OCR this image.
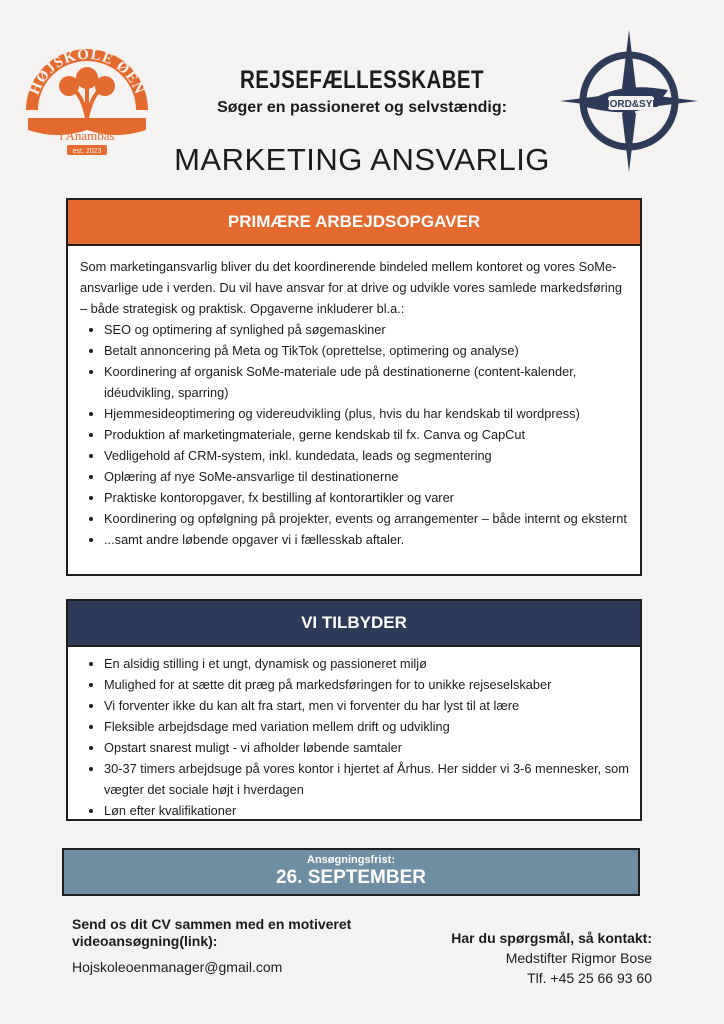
HØJSKOLE ØEN
i Anambas
est. 2023
NORD&SYD
REJSEFÆLLESSKABET
Søger en passioneret og selvstændig:
MARKETING ANSVARLIG
PRIMÆRE ARBEJDSOPGAVER
Som marketingansvarlig bliver du det koordinerende bindeled mellem kontoret og vores SoMe-ansvarlige ude i verden. Du vil have ansvar for at drive og udvikle vores samlede markedsføring – både strategisk og praktisk. Opgaverne inkluderer bl.a.:
• SEO og optimering af synlighed på søgemaskiner
• Betalt annoncering på Meta og TikTok (oprettelse, optimering og analyse)
• Koordinering af organisk SoMe-materiale ude på destinationerne (content-kalender, idéudvikling, sparring)
• Hjemmesideoptimering og videreudvikling (plus, hvis du har kendskab til wordpress)
• Produktion af marketingmateriale, gerne kendskab til fx. Canva og CapCut
• Vedligehold af CRM-system, inkl. kundedata, leads og segmentering
• Oplæring af nye SoMe-ansvarlige til destinationerne
• Praktiske kontoropgaver, fx bestilling af kontorartikler og varer
• Koordinering og opfølgning på projekter, events og arrangementer – både internt og eksternt
• ...samt andre løbende opgaver vi i fællesskab aftaler.
VI TILBYDER
• En alsidig stilling i et ungt, dynamisk og passioneret miljø
• Mulighed for at sætte dit præg på markedsføringen for to unikke rejseselskaber
• Vi forventer ikke du kan alt fra start, men vi forventer du har lyst til at lære
• Fleksible arbejdsdage med variation mellem drift og udvikling
• Opstart snarest muligt - vi afholder løbende samtaler
• 30-37 timers arbejdsuge på vores kontor i hjertet af Århus. Her sidder vi 3-6 mennesker, som vægter det sociale højt i hverdagen
• Løn efter kvalifikationer
Ansøgningsfrist:
26. SEPTEMBER
Send os dit CV sammen med en motiveret videoansøgning(link):
Hojskoleoenmanager@gmail.com
Har du spørgsmål, så kontakt:
Medstifter Rigmor Bose
Tlf. +45 25 66 93 60
